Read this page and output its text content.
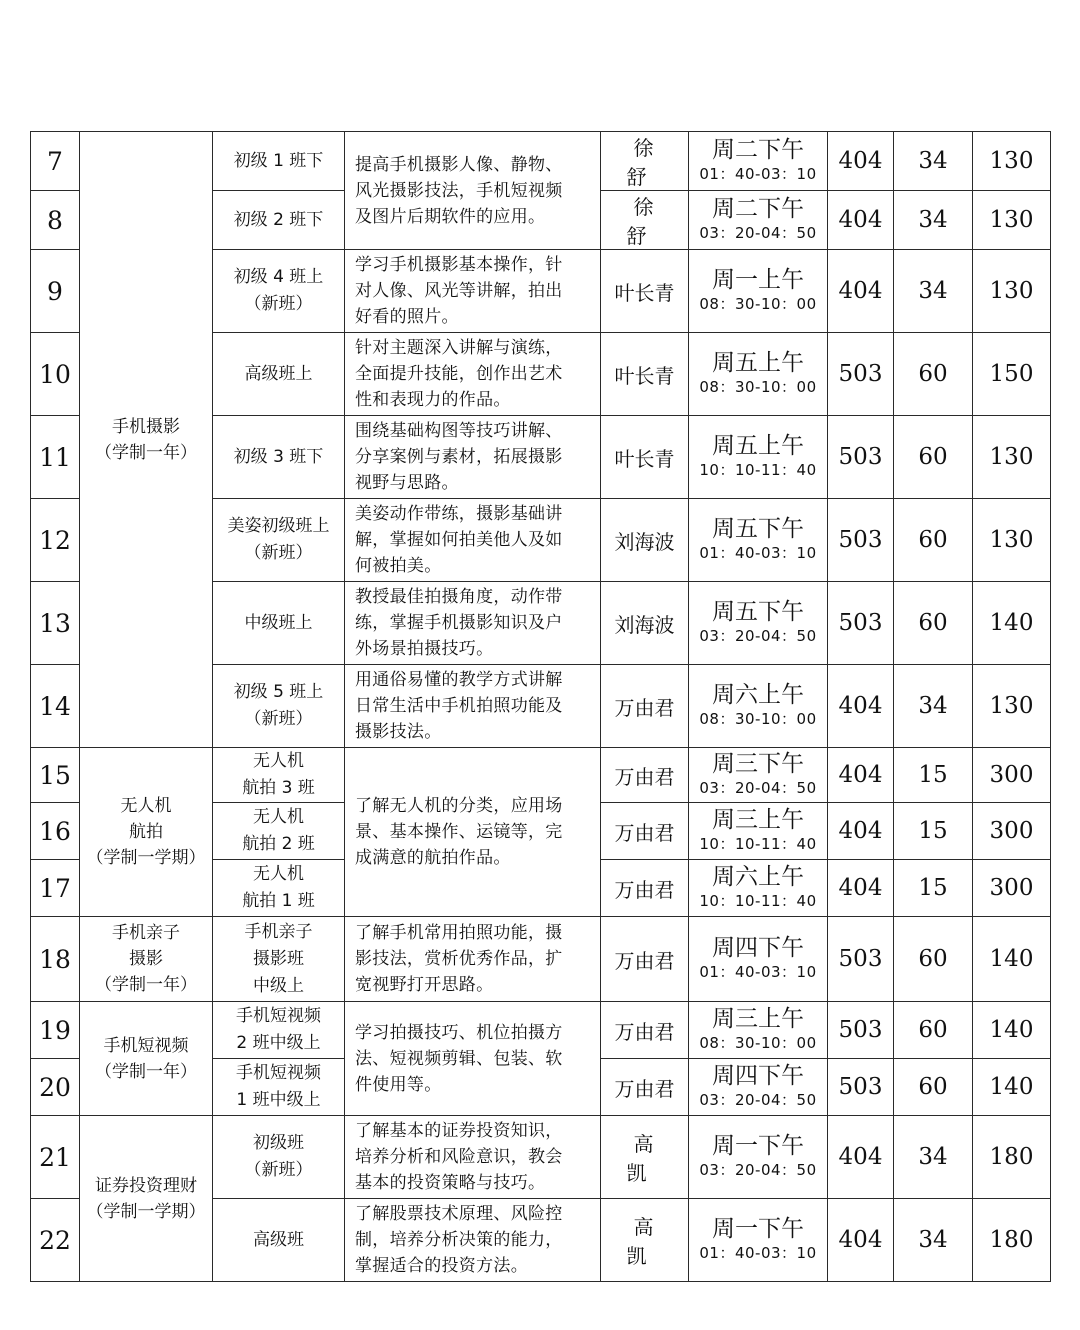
7	手机摄影
（学制一年）	初级 1 班下	提高手机摄影人像、静物、
风光摄影技法，手机短视频
及图片后期软件的应用。	徐 舒	周二下午
01：40-03：10	404	34	130
8		初级 2 班下		徐 舒	周二下午
03：20-04：50	404	34	130
9		初级 4 班上
（新班）	学习手机摄影基本操作，针
对人像、风光等讲解，拍出
好看的照片。	叶长青	周一上午
08：30-10：00	404	34	130
10		高级班上	针对主题深入讲解与演练，
全面提升技能，创作出艺术
性和表现力的作品。	叶长青	周五上午
08：30-10：00	503	60	150
11		初级 3 班下	围绕基础构图等技巧讲解、
分享案例与素材，拓展摄影
视野与思路。	叶长青	周五上午
10：10-11：40	503	60	130
12		美姿初级班上
（新班）	美姿动作带练，摄影基础讲
解，掌握如何拍美他人及如
何被拍美。	刘海波	周五下午
01：40-03：10	503	60	130
13		中级班上	教授最佳拍摄角度，动作带
练，掌握手机摄影知识及户
外场景拍摄技巧。	刘海波	周五下午
03：20-04：50	503	60	140
14		初级 5 班上
（新班）	用通俗易懂的教学方式讲解
日常生活中手机拍照功能及
摄影技法。	万由君	周六上午
08：30-10：00	404	34	130
15	无人机
航拍
（学制一学期）	无人机
航拍 3 班	了解无人机的分类，应用场
景、基本操作、运镜等，完
成满意的航拍作品。	万由君	周三下午
03：20-04：50	404	15	300
16		无人机
航拍 2 班		万由君	周三上午
10：10-11：40	404	15	300
17		无人机
航拍 1 班		万由君	周六上午
10：10-11：40	404	15	300
18	手机亲子
摄影
（学制一年）	手机亲子
摄影班
中级上	了解手机常用拍照功能，摄
影技法，赏析优秀作品，扩
宽视野打开思路。	万由君	周四下午
01：40-03：10	503	60	140
19	手机短视频
（学制一年）	手机短视频
2 班中级上	学习拍摄技巧、机位拍摄方
法、短视频剪辑、包装、软
件使用等。	万由君	周三上午
08：30-10：00	503	60	140
20		手机短视频
1 班中级上		万由君	周四下午
03：20-04：50	503	60	140
21	证券投资理财
（学制一学期）	初级班
（新班）	了解基本的证券投资知识，
培养分析和风险意识，教会
基本的投资策略与技巧。	高 凯	周一下午
03：20-04：50	404	34	180
22		高级班	了解股票技术原理、风险控
制，培养分析决策的能力，
掌握适合的投资方法。	高 凯	周一下午
01：40-03：10	404	34	180
